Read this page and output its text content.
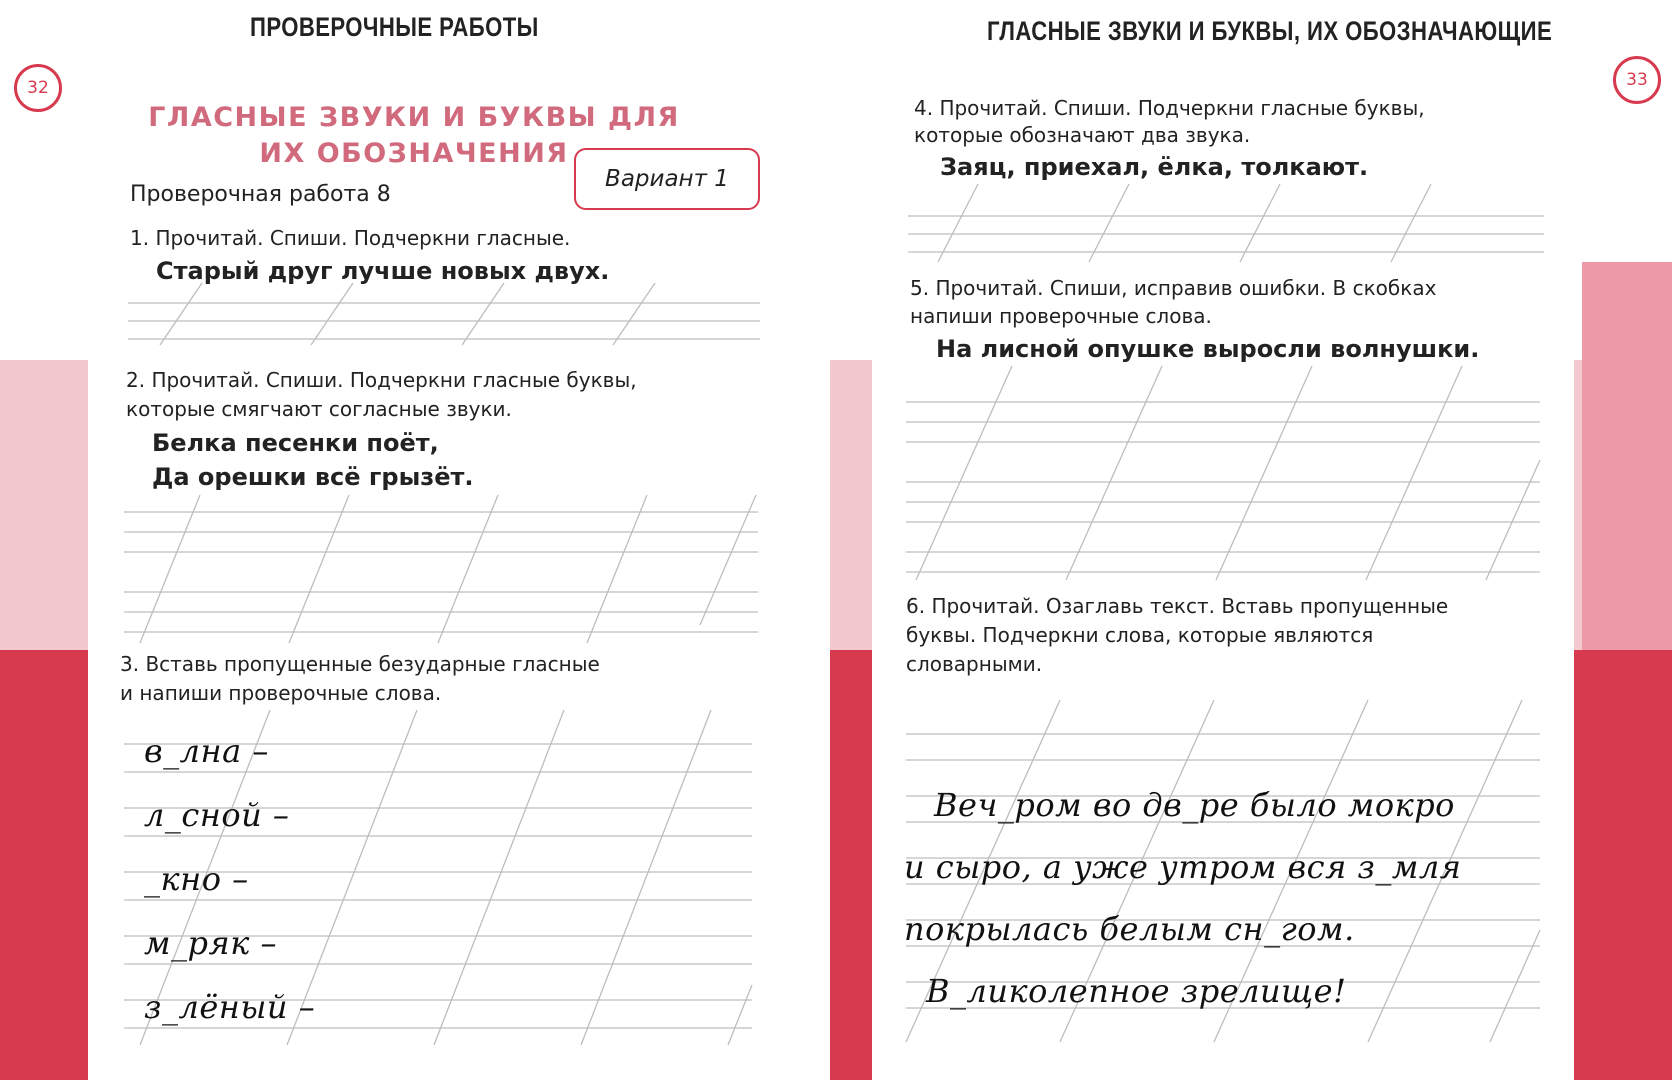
ПРОВЕРОЧНЫЕ РАБОТЫ	ГЛАСНЫЕ ЗВУКИ И БУКВЫ, ИХ ОБОЗНАЧАЮЩИЕ
32	33
ГЛАСНЫЕ ЗВУКИ И БУКВЫ ДЛЯ
ИХ ОБОЗНАЧЕНИЯ
Вариант 1
Проверочная работа 8
1. Прочитай. Спиши. Подчеркни гласные.
Старый друг лучше новых двух.
2. Прочитай. Спиши. Подчеркни гласные буквы,
которые смягчают согласные звуки.
Белка песенки поёт,
Да орешки всё грызёт.
3. Вставь пропущенные безударные гласные
и напиши проверочные слова.
в_лна –
л_сной –
_кно –
м_ряк –
з_лёный –
4. Прочитай. Спиши. Подчеркни гласные буквы,
которые обозначают два звука.
Заяц, приехал, ёлка, толкают.
5. Прочитай. Спиши, исправив ошибки. В скобках
напиши проверочные слова.
На лисной опушке выросли волнушки.
6. Прочитай. Озаглавь текст. Вставь пропущенные
буквы. Подчеркни слова, которые являются
словарными.
Веч_ром во дв_ре было мокро
и сыро, а уже утром вся з_мля
покрылась белым сн_гом.
В_ликолепное зрелище!
